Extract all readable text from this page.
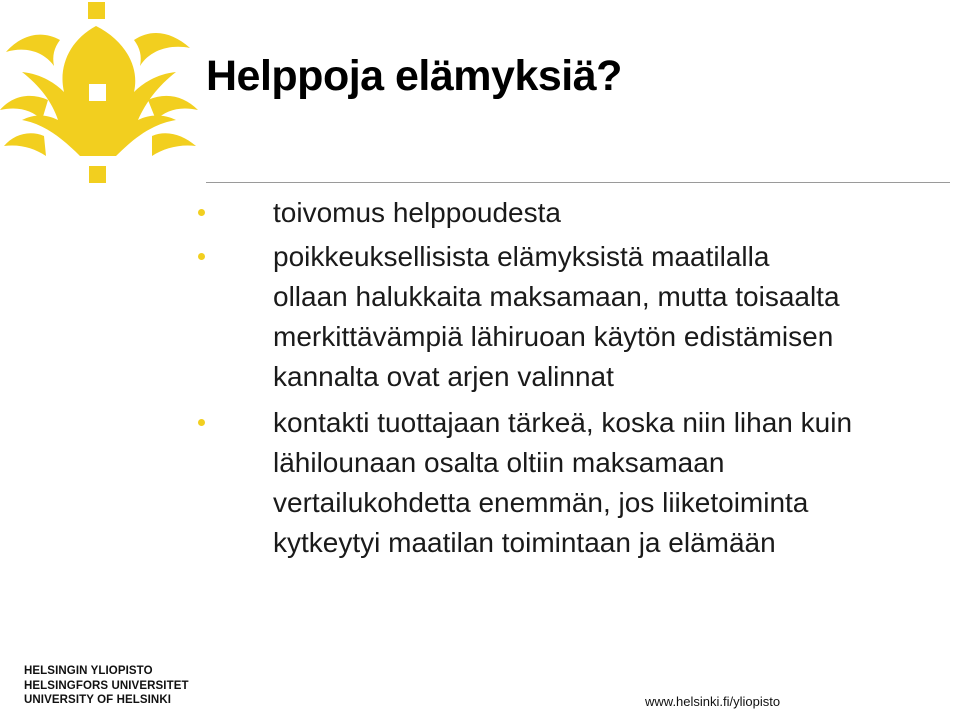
Helppoja elämyksiä?
toivomus helppoudesta
poikkeuksellisista elämyksistä maatilalla
ollaan halukkaita maksamaan, mutta toisaalta
merkittävämpiä lähiruoan käytön edistämisen
kannalta ovat arjen valinnat
kontakti tuottajaan tärkeä, koska niin lihan kuin
lähilounaan osalta oltiin maksamaan
vertailukohdetta enemmän, jos liiketoiminta
kytkeytyi maatilan toimintaan ja elämään
HELSINGIN YLIOPISTO
HELSINGFORS UNIVERSITET
UNIVERSITY OF HELSINKI	www.helsinki.fi/yliopisto
